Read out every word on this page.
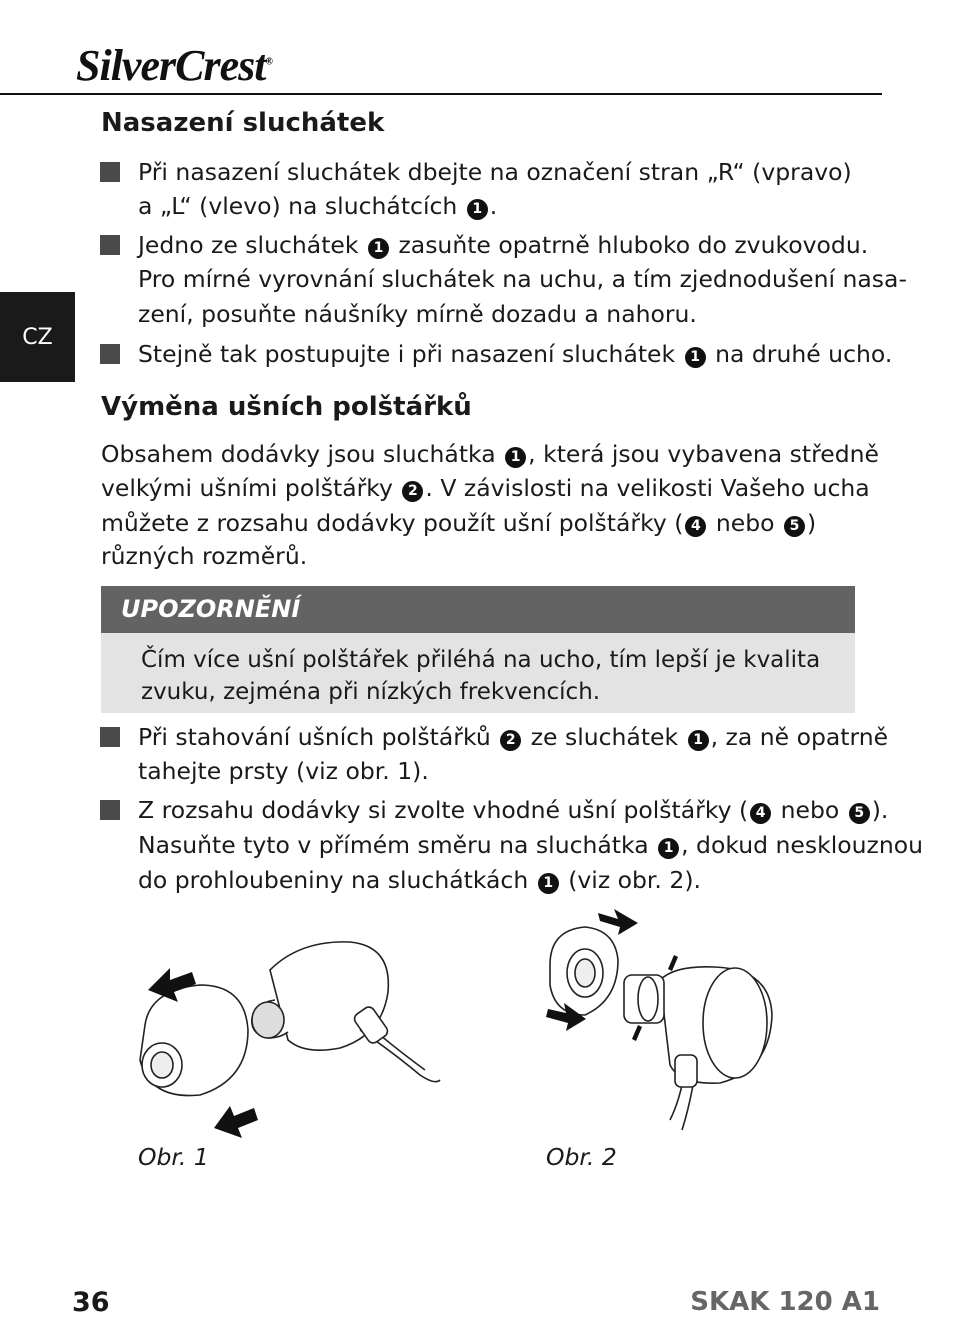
SilverCrest®
CZ
Nasazení sluchátek
Při nasazení sluchátek dbejte na označení stran „R“ (vpravo)
a „L“ (vlevo) na sluchátcích 1 .
Jedno ze sluchátek 1 zasuňte opatrně hluboko do zvukovodu.
Pro mírné vyrovnání sluchátek na uchu, a tím zjednodušení nasa-
zení, posuňte náušníky mírně dozadu a nahoru.
Stejně tak postupujte i při nasazení sluchátek 1 na druhé ucho.
Výměna ušních polštářků
Obsahem dodávky jsou sluchátka 1 , která jsou vybavena středně
velkými ušními polštářky 2 . V závislosti na velikosti Vašeho ucha
můžete z rozsahu dodávky použít ušní polštářky ( 4 nebo 5 )
různých rozměrů.
UPOZORNĚNÍ
Čím více ušní polštářek přiléhá na ucho, tím lepší je kvalita
zvuku, zejména při nízkých frekvencích.
Při stahování ušních polštářků 2 ze sluchátek 1 , za ně opatrně
tahejte prsty (viz obr. 1).
Z rozsahu dodávky si zvolte vhodné ušní polštářky ( 4 nebo 5 ).
Nasuňte tyto v přímém směru na sluchátka 1 , dokud nesklouznou
do prohloubeniny na sluchátkách 1 (viz obr. 2).
Obr. 1	Obr. 2
36	SKAK 120 A1
